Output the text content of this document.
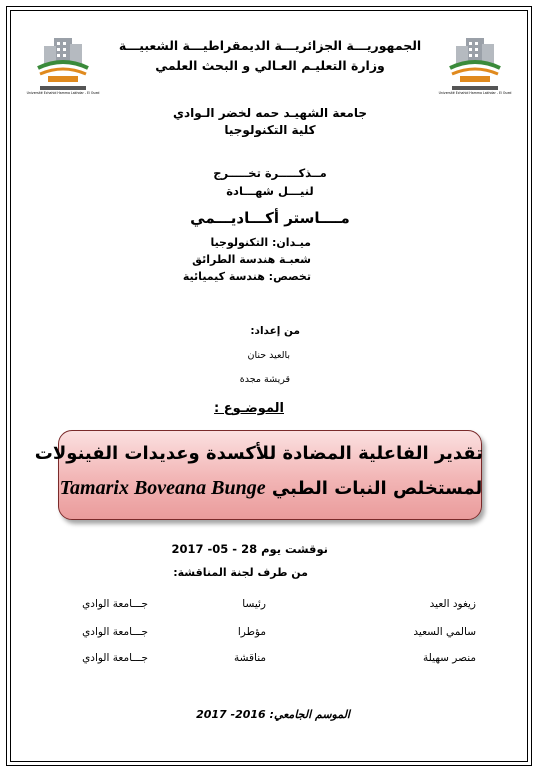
Université Echahid Hamma Lakhdar - El Oued	Université Echahid Hamma Lakhdar - El Oued
الجمهوريـــة الجزائريـــة الديمقراطيـــة الشعبيـــة
وزارة التعليـم العـالي و البحث العلمي
جامعة الشهيـد حمه لخضر الـوادي
كلية التكنولوجيا
مــذكـــــرة تخـــــرج
لنيـــل شهـــادة
مــــاستر أكـــاديـــمي
ميـدان: التكنولوجيا
شعبـة هندسة الطرائق
تخصص: هندسة كيميائية
من إعداد:
بالعيد حنان
قريشة مجدة
الموضـوع :
تقدير الفاعلية المضادة للأكسدة وعديدات الفينولات
لمستخلص النبات الطبي Tamarix Boveana Bunge
نوقشت يوم 28 - 05- 2017
من طرف لجنة المناقشة:
زيغود العيد
رئيسا
جـــامعة الوادي
سالمي السعيد
مؤطرا
جـــامعة الوادي
منصر سهيلة
مناقشة
جـــامعة الوادي
الموسم الجامعي: 2016- 2017
